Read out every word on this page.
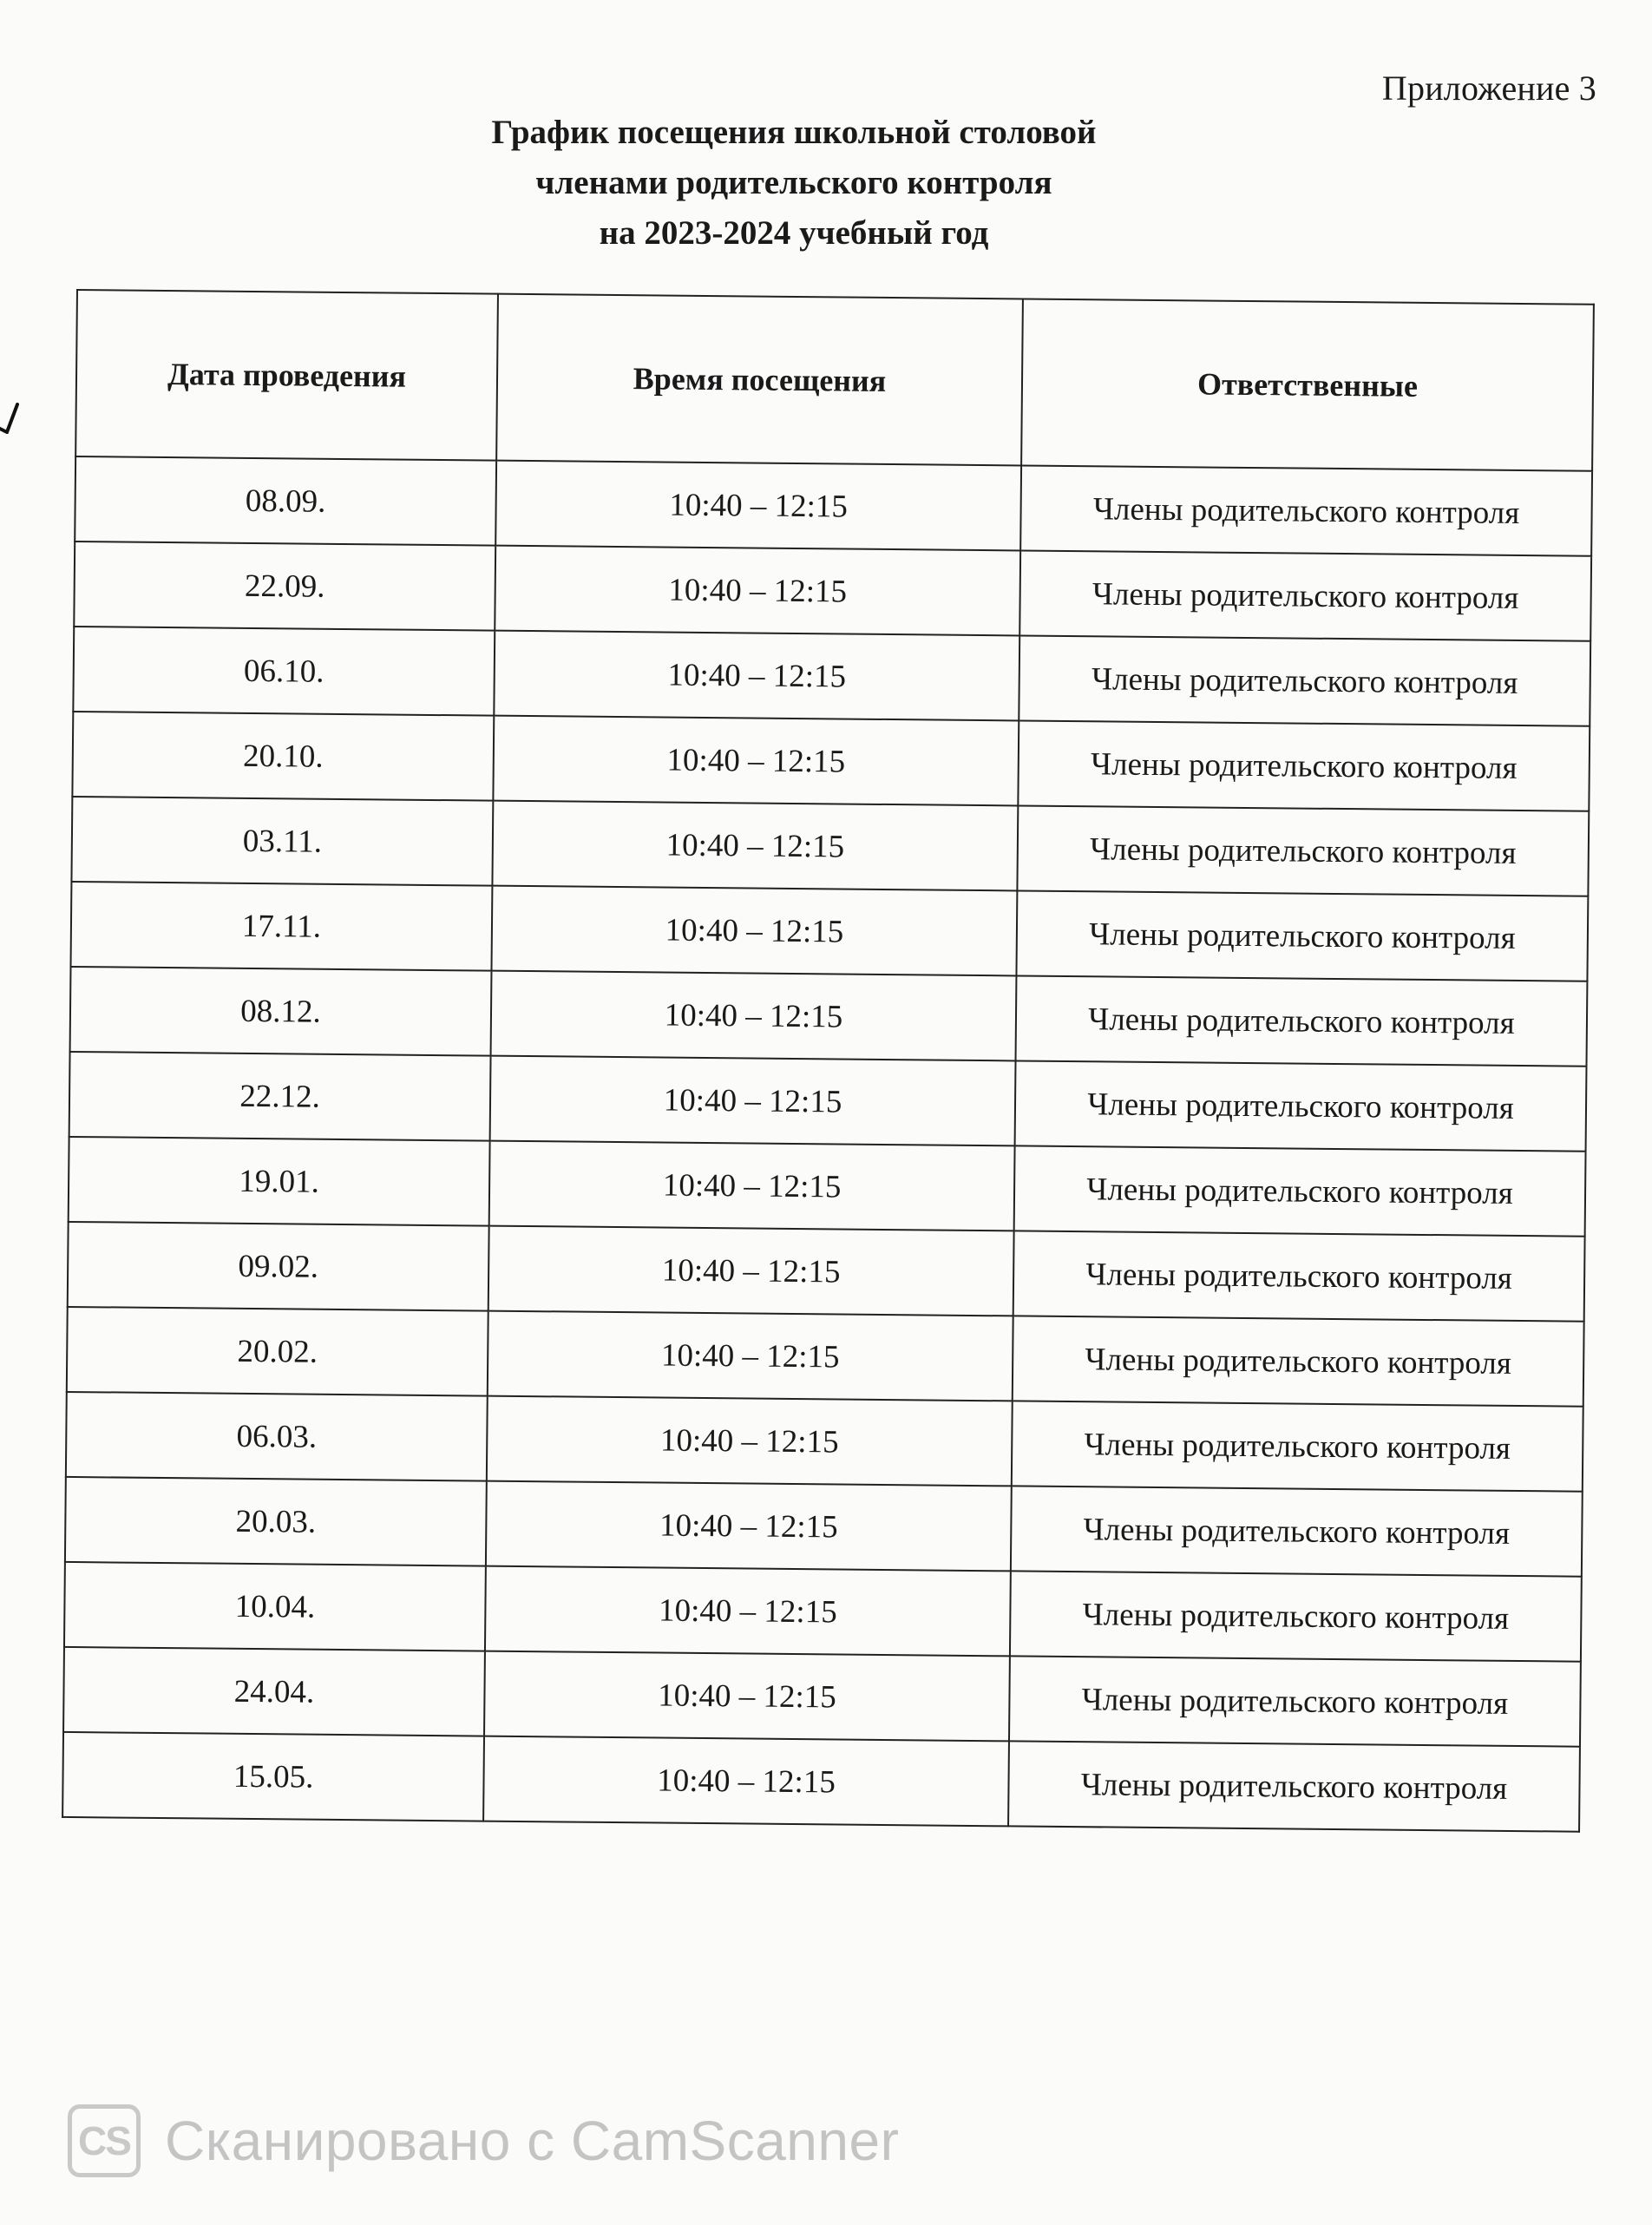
Приложение 3
График посещения школьной столовой
членами родительского контроля
на 2023-2024 учебный год
Дата проведения	Время посещения	Ответственные
08.09.	10:40 – 12:15	Члены родительского контроля
22.09.	10:40 – 12:15	Члены родительского контроля
06.10.	10:40 – 12:15	Члены родительского контроля
20.10.	10:40 – 12:15	Члены родительского контроля
03.11.	10:40 – 12:15	Члены родительского контроля
17.11.	10:40 – 12:15	Члены родительского контроля
08.12.	10:40 – 12:15	Члены родительского контроля
22.12.	10:40 – 12:15	Члены родительского контроля
19.01.	10:40 – 12:15	Члены родительского контроля
09.02.	10:40 – 12:15	Члены родительского контроля
20.02.	10:40 – 12:15	Члены родительского контроля
06.03.	10:40 – 12:15	Члены родительского контроля
20.03.	10:40 – 12:15	Члены родительского контроля
10.04.	10:40 – 12:15	Члены родительского контроля
24.04.	10:40 – 12:15	Члены родительского контроля
15.05.	10:40 – 12:15	Члены родительского контроля
CS Сканировано с CamScanner
